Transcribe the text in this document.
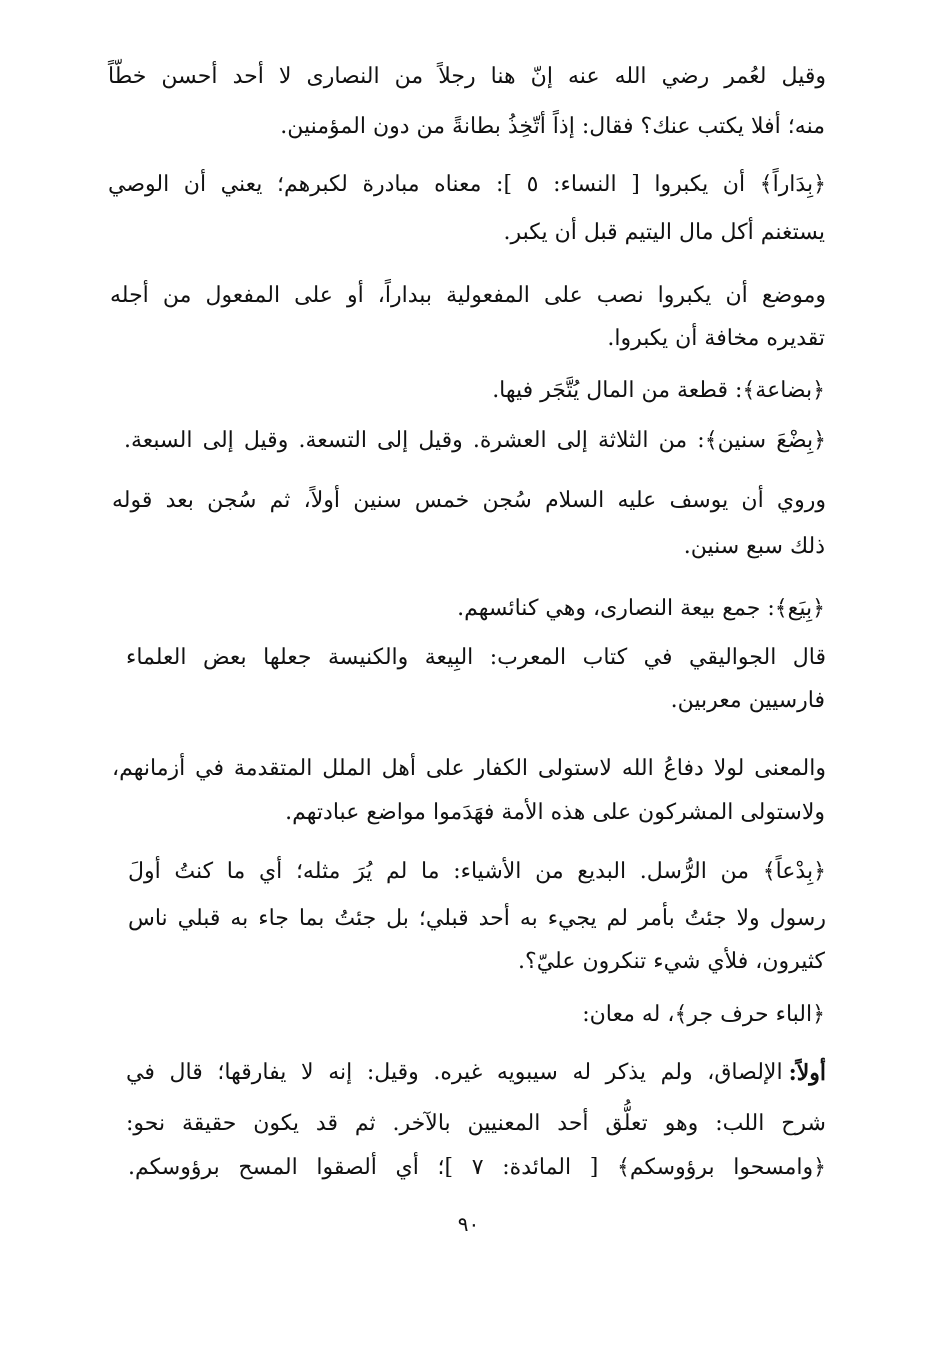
وقيل لعُمر رضي الله عنه إنّ هنا رجلاً من النصارى لا أحد أحسن خطّاً
منه؛ أفلا يكتب عنك؟ فقال: إذاً أتّخِذُ بطانةً من دون المؤمنين.
﴿بِدَاراً﴾ أن يكبروا [ النساء: ٥ ]: معناه مبادرة لكبرهم؛ يعني أن الوصي
يستغنم أكل مال اليتيم قبل أن يكبر.
وموضع أن يكبروا نصب على المفعولية ببداراً، أو على المفعول من أجله
تقديره مخافة أن يكبروا.
﴿بضاعة﴾: قطعة من المال يُتَّجَر فيها.
﴿بِضْعَ سنين﴾: من الثلاثة إلى العشرة. وقيل إلى التسعة. وقيل إلى السبعة.
وروي أن يوسف عليه السلام سُجن خمس سنين أولاً، ثم سُجن بعد قوله
ذلك سبع سنين.
﴿بِيَع﴾: جمع بيعة النصارى، وهي كنائسهم.
قال الجواليقي في كتاب المعرب: البِيعة والكنيسة جعلها بعض العلماء
فارسيين معربين.
والمعنى لولا دفاعُ الله لاستولى الكفار على أهل الملل المتقدمة في أزمانهم،
ولاستولى المشركون على هذه الأمة فهَدَموا مواضع عبادتهم.
﴿بِدْعاً﴾ من الرُّسل. البديع من الأشياء: ما لم يُرَ مثله؛ أي ما كنتُ أولَ
رسول ولا جئتُ بأمر لم يجيء به أحد قبلي؛ بل جئتُ بما جاء به قبلي ناس
كثيرون، فلأي شيء تنكرون عليّ؟.
﴿الباء حرف جر﴾، له معان:
أولاً:
الإلصاق، ولم يذكر له سيبويه غيره. وقيل: إنه لا يفارقها؛ قال في
شرح اللب: وهو تعلُّق أحد المعنيين بالآخر. ثم قد يكون حقيقة نحو:
﴿وامسحوا برؤوسكم﴾ [ المائدة: ٧ ]؛ أي ألصقوا المسح برؤوسكم.
٩٠
